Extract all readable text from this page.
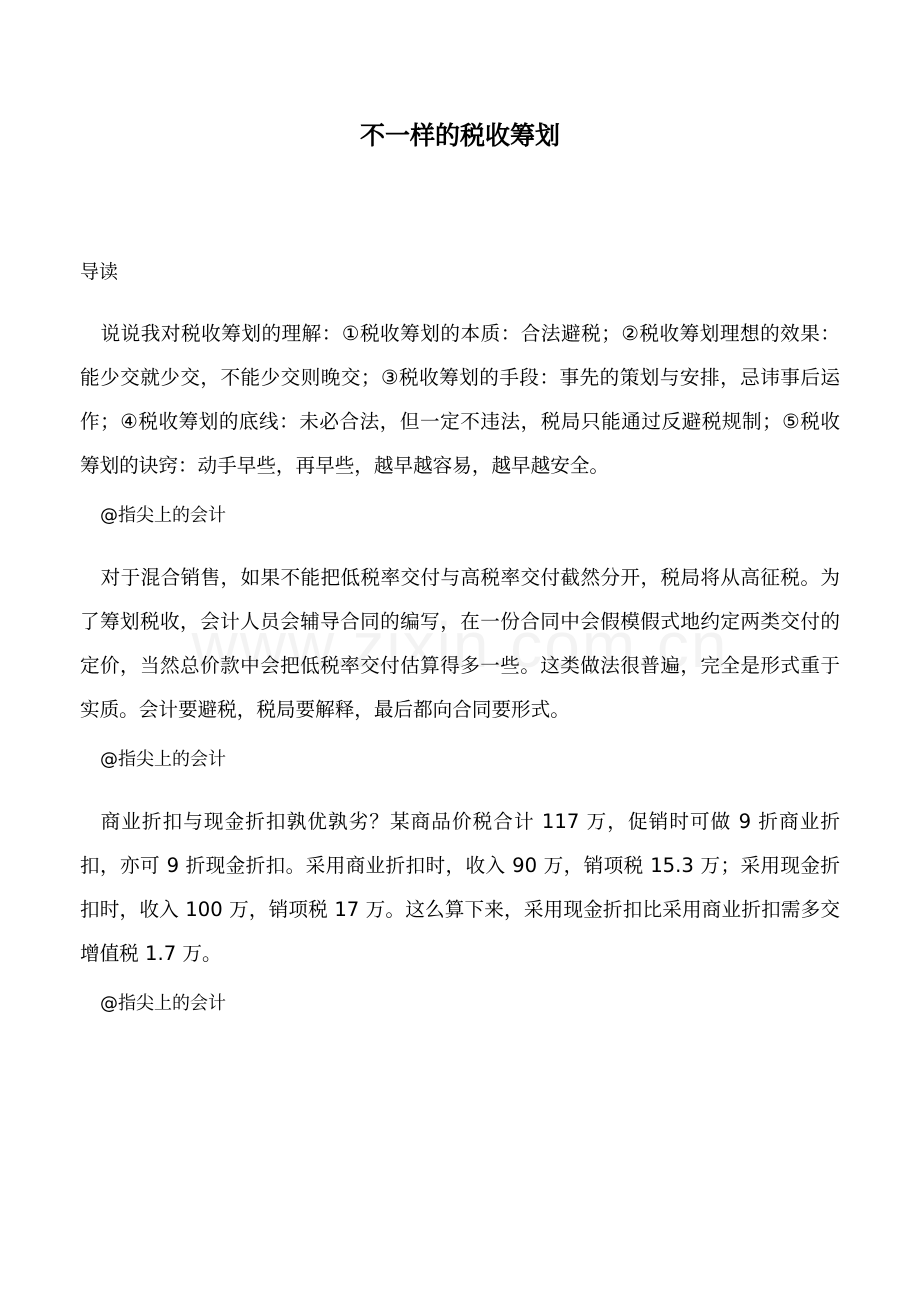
不一样的税收筹划

导读

说说我对税收筹划的理解：①税收筹划的本质：合法避税；②税收筹划理想的效果：能少交就少交，不能少交则晚交；③税收筹划的手段：事先的策划与安排，忌讳事后运作；④税收筹划的底线：未必合法，但一定不违法，税局只能通过反避税规制；⑤税收筹划的诀窍：动手早些，再早些，越早越容易，越早越安全。

@指尖上的会计

对于混合销售，如果不能把低税率交付与高税率交付截然分开，税局将从高征税。为了筹划税收，会计人员会辅导合同的编写，在一份合同中会假模假式地约定两类交付的定价，当然总价款中会把低税率交付估算得多一些。这类做法很普遍，完全是形式重于实质。会计要避税，税局要解释，最后都向合同要形式。

@指尖上的会计

商业折扣与现金折扣孰优孰劣？某商品价税合计 117 万，促销时可做 9 折商业折扣，亦可 9 折现金折扣。采用商业折扣时，收入 90 万，销项税 15.3 万；采用现金折扣时，收入 100 万，销项税 17 万。这么算下来，采用现金折扣比采用商业折扣需多交增值税 1.7 万。

@指尖上的会计
